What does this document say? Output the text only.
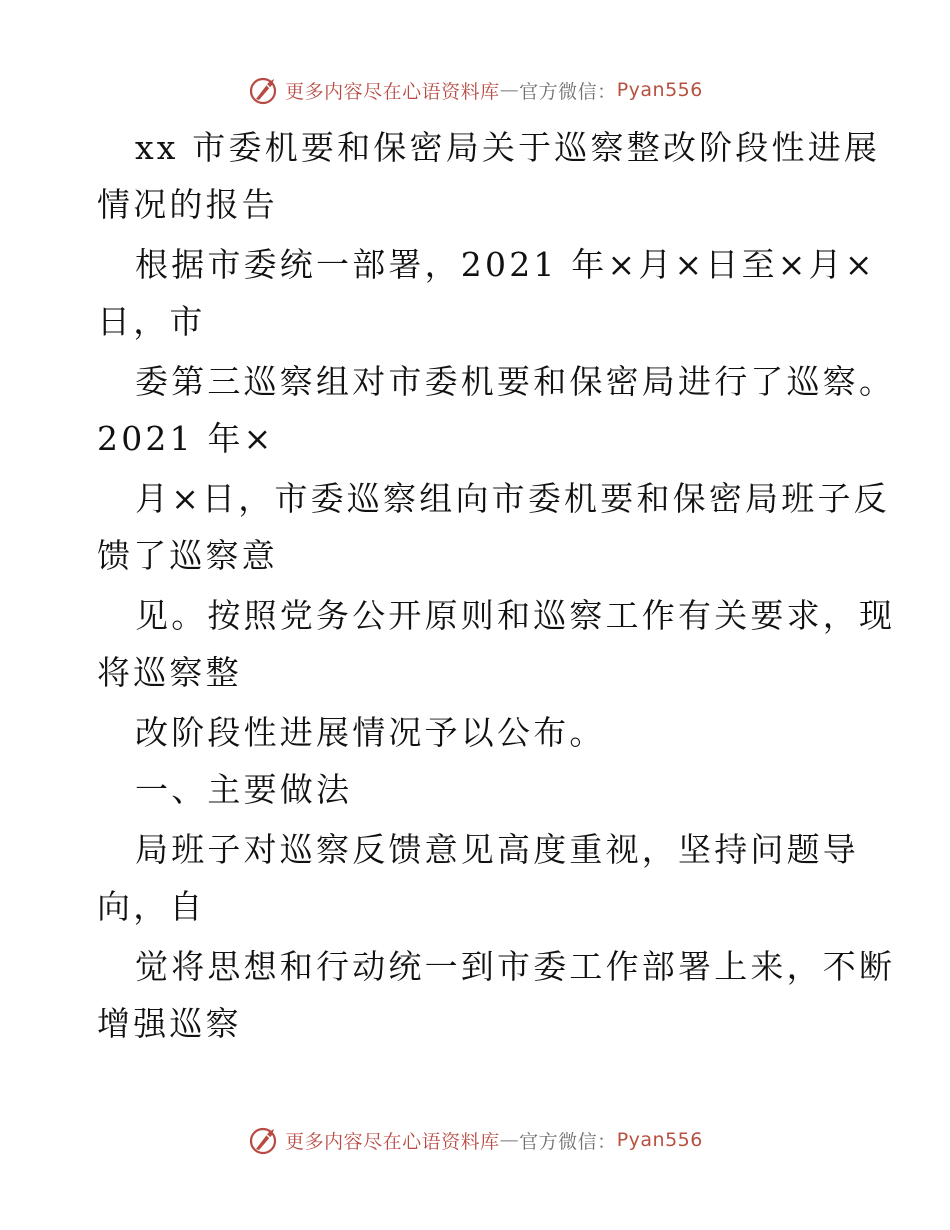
更多内容尽在心语资料库 — 官方微信： Pyan556
xx 市委机要和保密局关于巡察整改阶段性进展
情况的报告
根据市委统一部署，2021 年×月×日至×月×
日，市
委第三巡察组对市委机要和保密局进行了巡察。
2021 年×
月×日，市委巡察组向市委机要和保密局班子反
馈了巡察意
见。按照党务公开原则和巡察工作有关要求，现
将巡察整
改阶段性进展情况予以公布。
一、主要做法
局班子对巡察反馈意见高度重视，坚持问题导
向，自
觉将思想和行动统一到市委工作部署上来，不断
增强巡察
更多内容尽在心语资料库 — 官方微信： Pyan556
